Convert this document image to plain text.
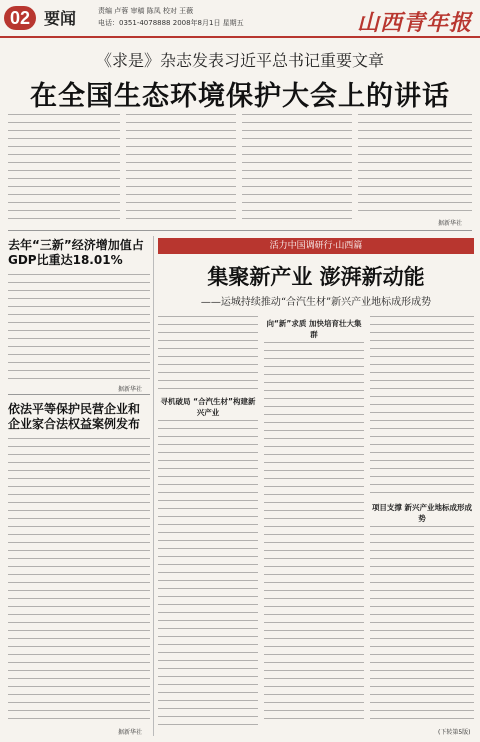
02 要闻	责编 卢蓉 审稿 陈凤 校对 王薇
电话：0351-4078888 2008年8月1日 星期五	山西青年报
《求是》杂志发表习近平总书记重要文章
在全国生态环境保护大会上的讲话
据新华社
去年“三新”经济增加值占GDP比重达18.01%
据新华社
依法平等保护民营企业和企业家合法权益案例发布
据新华社
活力中国调研行·山西篇
集聚新产业 澎湃新动能
——运城持续推动“合汽生材”新兴产业地标成形成势
寻机破局 “合汽生材”构建新兴产业
向“新”求质 加快培育壮大集群
项目支撑 新兴产业地标成形成势
(下转第5版)
